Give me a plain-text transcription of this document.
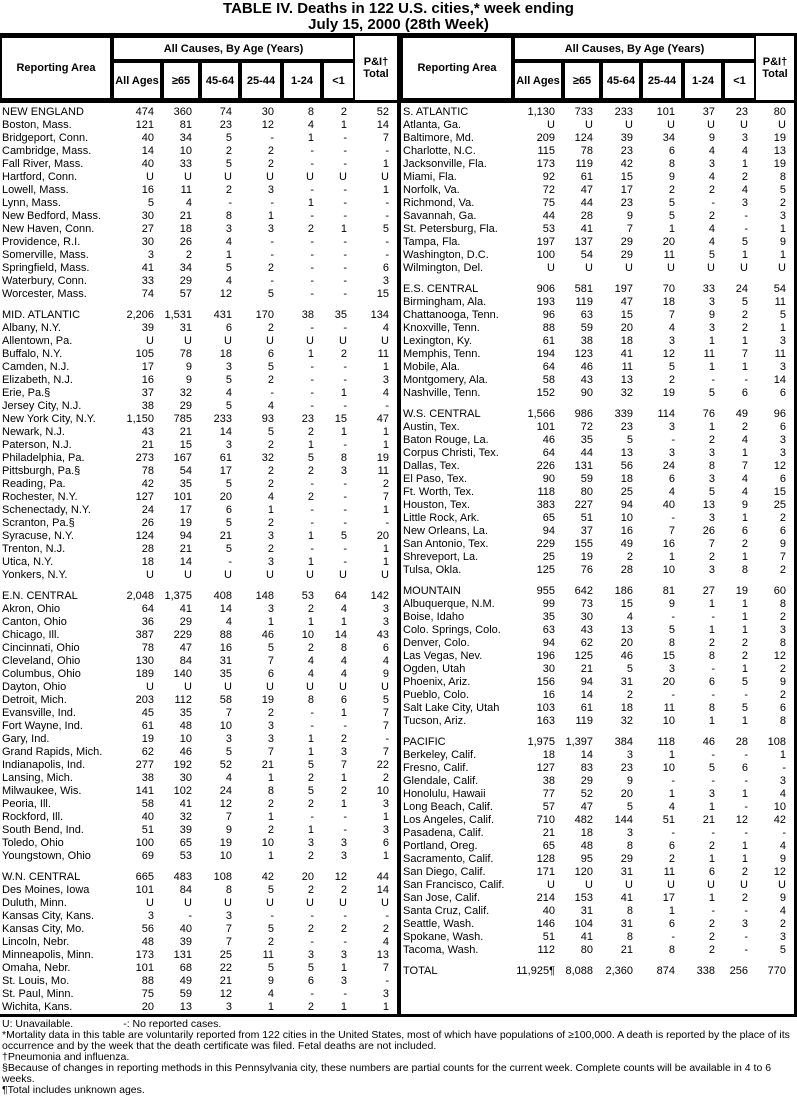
TABLE IV. Deaths in 122 U.S. cities,* week ending
July 15, 2000 (28th Week)
Reporting Area
All Causes, By Age (Years)
All Ages	≥65	45-64	25-44	1-24	<1
P&I†
Total
NEW ENGLAND	474	360	74	30	8	2	52
Boston, Mass.	121	81	23	12	4	1	14
Bridgeport, Conn.	40	34	5	-	1	-	7
Cambridge, Mass.	14	10	2	2	-	-	-
Fall River, Mass.	40	33	5	2	-	-	1
Hartford, Conn.	U	U	U	U	U	U	U
Lowell, Mass.	16	11	2	3	-	-	1
Lynn, Mass.	5	4	-	-	1	-	-
New Bedford, Mass.	30	21	8	1	-	-	-
New Haven, Conn.	27	18	3	3	2	1	5
Providence, R.I.	30	26	4	-	-	-	-
Somerville, Mass.	3	2	1	-	-	-	-
Springfield, Mass.	41	34	5	2	-	-	6
Waterbury, Conn.	33	29	4	-	-	-	3
Worcester, Mass.	74	57	12	5	-	-	15
MID. ATLANTIC	2,206 1,531	431	170	38	35	134
Albany, N.Y.	39	31	6	2	-	-	4
Allentown, Pa.	U	U	U	U	U	U	U
Buffalo, N.Y.	105	78	18	6	1	2	11
Camden, N.J.	17	9	3	5	-	-	1
Elizabeth, N.J.	16	9	5	2	-	-	3
Erie, Pa.§	37	32	4	-	-	1	4
Jersey City, N.J.	38	29	5	4	-	-	-
New York City, N.Y.	1,150	785	233	93	23	15	47
Newark, N.J.	43	21	14	5	2	1	1
Paterson, N.J.	21	15	3	2	1	-	1
Philadelphia, Pa.	273	167	61	32	5	8	19
Pittsburgh, Pa.§	78	54	17	2	2	3	11
Reading, Pa.	42	35	5	2	-	-	2
Rochester, N.Y.	127	101	20	4	2	-	7
Schenectady, N.Y.	24	17	6	1	-	-	1
Scranton, Pa.§	26	19	5	2	-	-	-
Syracuse, N.Y.	124	94	21	3	1	5	20
Trenton, N.J.	28	21	5	2	-	-	1
Utica, N.Y.	18	14	-	3	1	-	1
Yonkers, N.Y.	U	U	U	U	U	U	U
E.N. CENTRAL	2,048 1,375	408	148	53	64	142
Akron, Ohio	64	41	14	3	2	4	3
Canton, Ohio	36	29	4	1	1	1	3
Chicago, Ill.	387	229	88	46	10	14	43
Cincinnati, Ohio	78	47	16	5	2	8	6
Cleveland, Ohio	130	84	31	7	4	4	4
Columbus, Ohio	189	140	35	6	4	4	9
Dayton, Ohio	U	U	U	U	U	U	U
Detroit, Mich.	203	112	58	19	8	6	5
Evansville, Ind.	45	35	7	2	-	1	7
Fort Wayne, Ind.	61	48	10	3	-	-	7
Gary, Ind.	19	10	3	3	1	2	-
Grand Rapids, Mich.	62	46	5	7	1	3	7
Indianapolis, Ind.	277	192	52	21	5	7	22
Lansing, Mich.	38	30	4	1	2	1	2
Milwaukee, Wis.	141	102	24	8	5	2	10
Peoria, Ill.	58	41	12	2	2	1	3
Rockford, Ill.	40	32	7	1	-	-	1
South Bend, Ind.	51	39	9	2	1	-	3
Toledo, Ohio	100	65	19	10	3	3	6
Youngstown, Ohio	69	53	10	1	2	3	1
W.N. CENTRAL	665	483	108	42	20	12	44
Des Moines, Iowa	101	84	8	5	2	2	14
Duluth, Minn.	U	U	U	U	U	U	U
Kansas City, Kans.	3	-	3	-	-	-	-
Kansas City, Mo.	56	40	7	5	2	2	2
Lincoln, Nebr.	48	39	7	2	-	-	4
Minneapolis, Minn.	173	131	25	11	3	3	13
Omaha, Nebr.	101	68	22	5	5	1	7
St. Louis, Mo.	88	49	21	9	6	3	-
St. Paul, Minn.	75	59	12	4	-	-	3
Wichita, Kans.	20	13	3	1	2	1	1
Reporting Area
All Causes, By Age (Years)
All Ages	≥65	45-64	25-44	1-24	<1
P&I†
Total
S. ATLANTIC	1,130	733	233	101	37	23	80
Atlanta, Ga.	U	U	U	U	U	U	U
Baltimore, Md.	209	124	39	34	9	3	19
Charlotte, N.C.	115	78	23	6	4	4	13
Jacksonville, Fla.	173	119	42	8	3	1	19
Miami, Fla.	92	61	15	9	4	2	8
Norfolk, Va.	72	47	17	2	2	4	5
Richmond, Va.	75	44	23	5	-	3	2
Savannah, Ga.	44	28	9	5	2	-	3
St. Petersburg, Fla.	53	41	7	1	4	-	1
Tampa, Fla.	197	137	29	20	4	5	9
Washington, D.C.	100	54	29	11	5	1	1
Wilmington, Del.	U	U	U	U	U	U	U
E.S. CENTRAL	906	581	197	70	33	24	54
Birmingham, Ala.	193	119	47	18	3	5	11
Chattanooga, Tenn.	96	63	15	7	9	2	5
Knoxville, Tenn.	88	59	20	4	3	2	1
Lexington, Ky.	61	38	18	3	1	1	3
Memphis, Tenn.	194	123	41	12	11	7	11
Mobile, Ala.	64	46	11	5	1	1	3
Montgomery, Ala.	58	43	13	2	-	-	14
Nashville, Tenn.	152	90	32	19	5	6	6
W.S. CENTRAL	1,566	986	339	114	76	49	96
Austin, Tex.	101	72	23	3	1	2	6
Baton Rouge, La.	46	35	5	-	2	4	3
Corpus Christi, Tex.	64	44	13	3	3	1	3
Dallas, Tex.	226	131	56	24	8	7	12
El Paso, Tex.	90	59	18	6	3	4	6
Ft. Worth, Tex.	118	80	25	4	5	4	15
Houston, Tex.	383	227	94	40	13	9	25
Little Rock, Ark.	65	51	10	-	3	1	2
New Orleans, La.	94	37	16	7	26	6	6
San Antonio, Tex.	229	155	49	16	7	2	9
Shreveport, La.	25	19	2	1	2	1	7
Tulsa, Okla.	125	76	28	10	3	8	2
MOUNTAIN	955	642	186	81	27	19	60
Albuquerque, N.M.	99	73	15	9	1	1	8
Boise, Idaho	35	30	4	-	-	1	2
Colo. Springs, Colo.	63	43	13	5	1	1	3
Denver, Colo.	94	62	20	8	2	2	8
Las Vegas, Nev.	196	125	46	15	8	2	12
Ogden, Utah	30	21	5	3	-	1	2
Phoenix, Ariz.	156	94	31	20	6	5	9
Pueblo, Colo.	16	14	2	-	-	-	2
Salt Lake City, Utah	103	61	18	11	8	5	6
Tucson, Ariz.	163	119	32	10	1	1	8
PACIFIC	1,975 1,397	384	118	46	28	108
Berkeley, Calif.	18	14	3	1	-	-	1
Fresno, Calif.	127	83	23	10	5	6	-
Glendale, Calif.	38	29	9	-	-	-	3
Honolulu, Hawaii	77	52	20	1	3	1	4
Long Beach, Calif.	57	47	5	4	1	-	10
Los Angeles, Calif.	710	482	144	51	21	12	42
Pasadena, Calif.	21	18	3	-	-	-	-
Portland, Oreg.	65	48	8	6	2	1	4
Sacramento, Calif.	128	95	29	2	1	1	9
San Diego, Calif.	171	120	31	11	6	2	12
San Francisco, Calif.	U	U	U	U	U	U	U
San Jose, Calif.	214	153	41	17	1	2	9
Santa Cruz, Calif.	40	31	8	1	-	-	4
Seattle, Wash.	146	104	31	6	2	3	2
Spokane, Wash.	51	41	8	-	2	-	3
Tacoma, Wash.	112	80	21	8	2	-	5
TOTAL	11,925¶ 8,088	2,360	874	338	256	770
U: Unavailable.	-: No reported cases.
*Mortality data in this table are voluntarily reported from 122 cities in the United States, most of which have populations of ≥100,000. A death is reported by the place of its occurrence and by the week that the death certificate was filed. Fetal deaths are not included.
†Pneumonia and influenza.
§Because of changes in reporting methods in this Pennsylvania city, these numbers are partial counts for the current week. Complete counts will be available in 4 to 6 weeks.
¶Total includes unknown ages.
